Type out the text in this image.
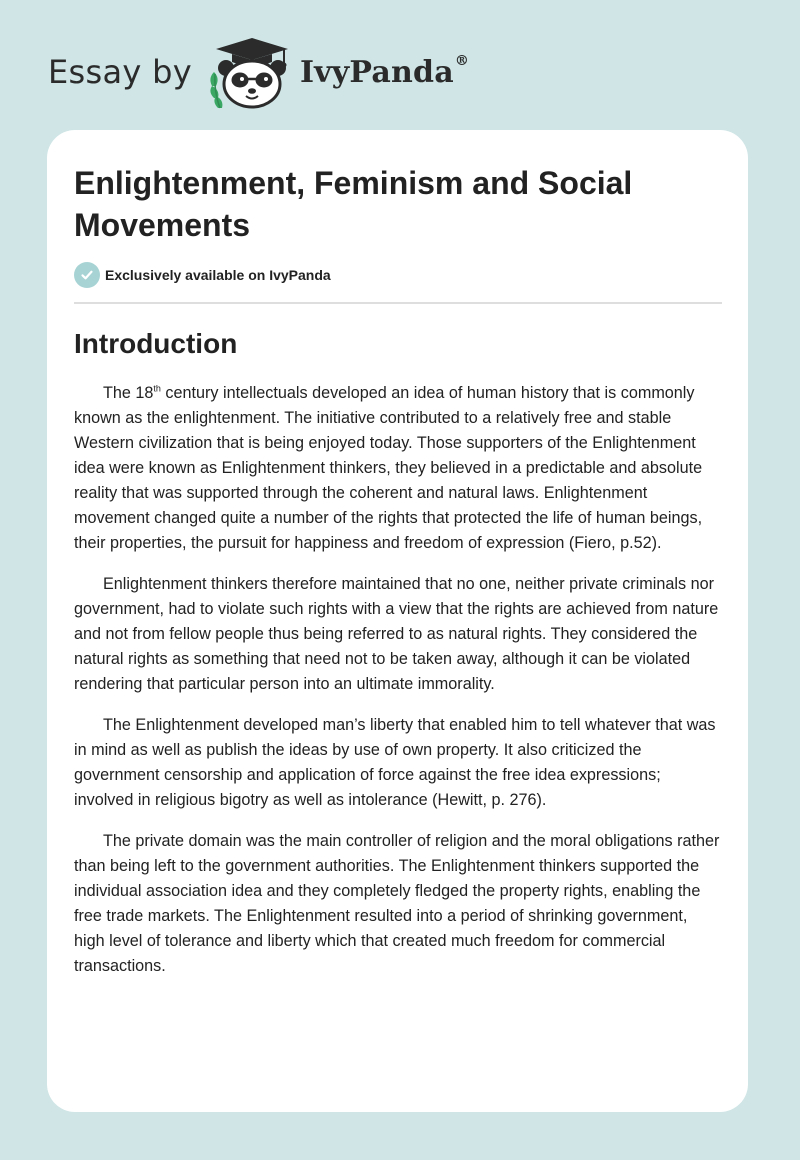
Essay by	IvyPanda®
Enlightenment, Feminism and Social Movements
Exclusively available on IvyPanda
Introduction

The 18th century intellectuals developed an idea of human history that is commonly known as the enlightenment. The initiative contributed to a relatively free and stable Western civilization that is being enjoyed today. Those supporters of the Enlightenment idea were known as Enlightenment thinkers, they believed in a predictable and absolute reality that was supported through the coherent and natural laws. Enlightenment movement changed quite a number of the rights that protected the life of human beings, their properties, the pursuit for happiness and freedom of expression (Fiero, p.52).

Enlightenment thinkers therefore maintained that no one, neither private criminals nor government, had to violate such rights with a view that the rights are achieved from nature and not from fellow people thus being referred to as natural rights. They considered the natural rights as something that need not to be taken away, although it can be violated rendering that particular person into an ultimate immorality.

The Enlightenment developed man’s liberty that enabled him to tell whatever that was in mind as well as publish the ideas by use of own property. It also criticized the government censorship and application of force against the free idea expressions; involved in religious bigotry as well as intolerance (Hewitt, p. 276).

The private domain was the main controller of religion and the moral obligations rather than being left to the government authorities. The Enlightenment thinkers supported the individual association idea and they completely fledged the property rights, enabling the free trade markets. The Enlightenment resulted into a period of shrinking government, high level of tolerance and liberty which that created much freedom for commercial transactions.
